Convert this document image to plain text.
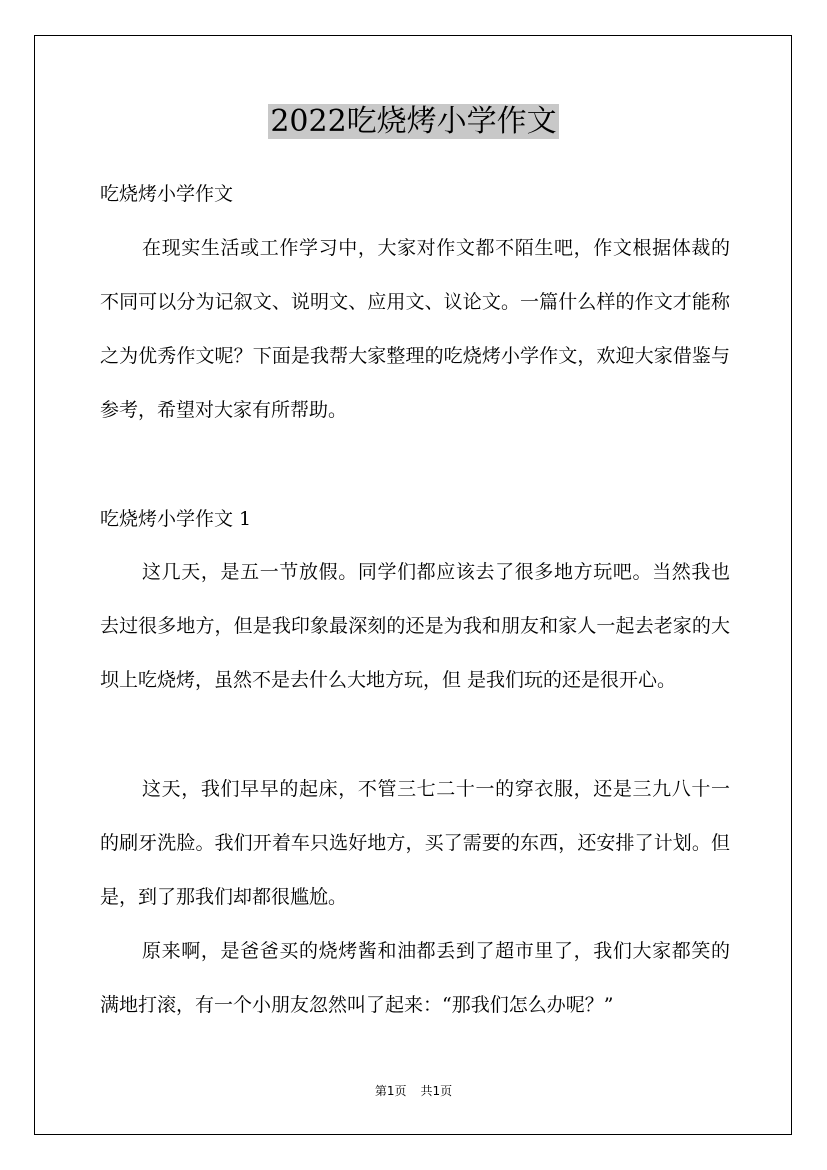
2022吃烧烤小学作文
吃烧烤小学作文

在现实生活或工作学习中，大家对作文都不陌生吧，作文根据体裁的不同可以分为记叙文、说明文、应用文、议论文。一篇什么样的作文才能称之为优秀作文呢？下面是我帮大家整理的吃烧烤小学作文，欢迎大家借鉴与参考，希望对大家有所帮助。

吃烧烤小学作文 1

这几天，是五一节放假。同学们都应该去了很多地方玩吧。当然我也去过很多地方，但是我印象最深刻的还是为我和朋友和家人一起去老家的大坝上吃烧烤，虽然不是去什么大地方玩，但 是我们玩的还是很开心。

这天，我们早早的起床，不管三七二十一的穿衣服，还是三九八十一的刷牙洗脸。我们开着车只选好地方，买了需要的东西，还安排了计划。但是，到了那我们却都很尴尬。

原来啊，是爸爸买的烧烤酱和油都丢到了超市里了，我们大家都笑的满地打滚，有一个小朋友忽然叫了起来：“那我们怎么办呢？”

第1页 共1页
